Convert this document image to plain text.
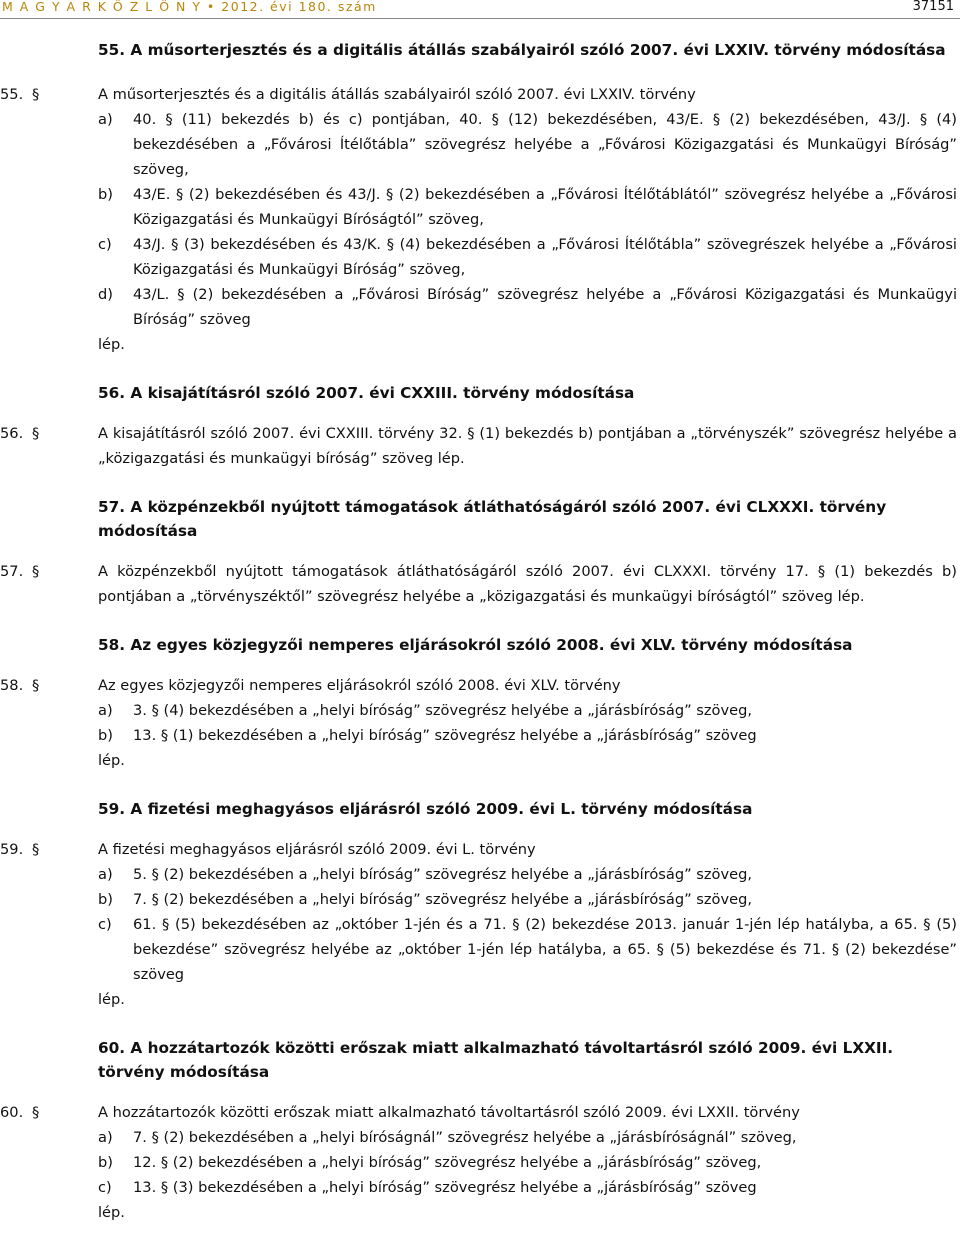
M A G Y A R K Ö Z L Ö N Y • 2012. évi 180. szám	37151
55. A műsorterjesztés és a digitális átállás szabályairól szóló 2007. évi LXXIV. törvény módosítása
55. §	A műsorterjesztés és a digitális átállás szabályairól szóló 2007. évi LXXIV. törvény
a) 40. § (11) bekezdés b) és c) pontjában, 40. § (12) bekezdésében, 43/E. § (2) bekezdésében, 43/J. § (4) bekezdésében a „Fővárosi Ítélőtábla” szövegrész helyébe a „Fővárosi Közigazgatási és Munkaügyi Bíróság” szöveg,
b) 43/E. § (2) bekezdésében és 43/J. § (2) bekezdésében a „Fővárosi Ítélőtáblától” szövegrész helyébe a „Fővárosi Közigazgatási és Munkaügyi Bíróságtól” szöveg,
c) 43/J. § (3) bekezdésében és 43/K. § (4) bekezdésében a „Fővárosi Ítélőtábla” szövegrészek helyébe a „Fővárosi Közigazgatási és Munkaügyi Bíróság” szöveg,
d) 43/L. § (2) bekezdésében a „Fővárosi Bíróság” szövegrész helyébe a „Fővárosi Közigazgatási és Munkaügyi Bíróság” szöveg
lép.
56. A kisajátításról szóló 2007. évi CXXIII. törvény módosítása
56. §	A kisajátításról szóló 2007. évi CXXIII. törvény 32. § (1) bekezdés b) pontjában a „törvényszék” szövegrész helyébe a „közigazgatási és munkaügyi bíróság” szöveg lép.
57. A közpénzekből nyújtott támogatások átláthatóságáról szóló 2007. évi CLXXXI. törvény módosítása
57. §	A közpénzekből nyújtott támogatások átláthatóságáról szóló 2007. évi CLXXXI. törvény 17. § (1) bekezdés b) pontjában a „törvényszéktől” szövegrész helyébe a „közigazgatási és munkaügyi bíróságtól” szöveg lép.
58. Az egyes közjegyzői nemperes eljárásokról szóló 2008. évi XLV. törvény módosítása
58. §	Az egyes közjegyzői nemperes eljárásokról szóló 2008. évi XLV. törvény
a) 3. § (4) bekezdésében a „helyi bíróság” szövegrész helyébe a „járásbíróság” szöveg,
b) 13. § (1) bekezdésében a „helyi bíróság” szövegrész helyébe a „járásbíróság” szöveg
lép.
59. A fizetési meghagyásos eljárásról szóló 2009. évi L. törvény módosítása
59. §	A fizetési meghagyásos eljárásról szóló 2009. évi L. törvény
a) 5. § (2) bekezdésében a „helyi bíróság” szövegrész helyébe a „járásbíróság” szöveg,
b) 7. § (2) bekezdésében a „helyi bíróság” szövegrész helyébe a „járásbíróság” szöveg,
c) 61. § (5) bekezdésében az „október 1-jén és a 71. § (2) bekezdése 2013. január 1-jén lép hatályba, a 65. § (5) bekezdése” szövegrész helyébe az „október 1-jén lép hatályba, a 65. § (5) bekezdése és 71. § (2) bekezdése” szöveg
lép.
60. A hozzátartozók közötti erőszak miatt alkalmazható távoltartásról szóló 2009. évi LXXII. törvény módosítása
60. §	A hozzátartozók közötti erőszak miatt alkalmazható távoltartásról szóló 2009. évi LXXII. törvény
a) 7. § (2) bekezdésében a „helyi bíróságnál” szövegrész helyébe a „járásbíróságnál” szöveg,
b) 12. § (2) bekezdésében a „helyi bíróság” szövegrész helyébe a „járásbíróság” szöveg,
c) 13. § (3) bekezdésében a „helyi bíróság” szövegrész helyébe a „járásbíróság” szöveg
lép.
